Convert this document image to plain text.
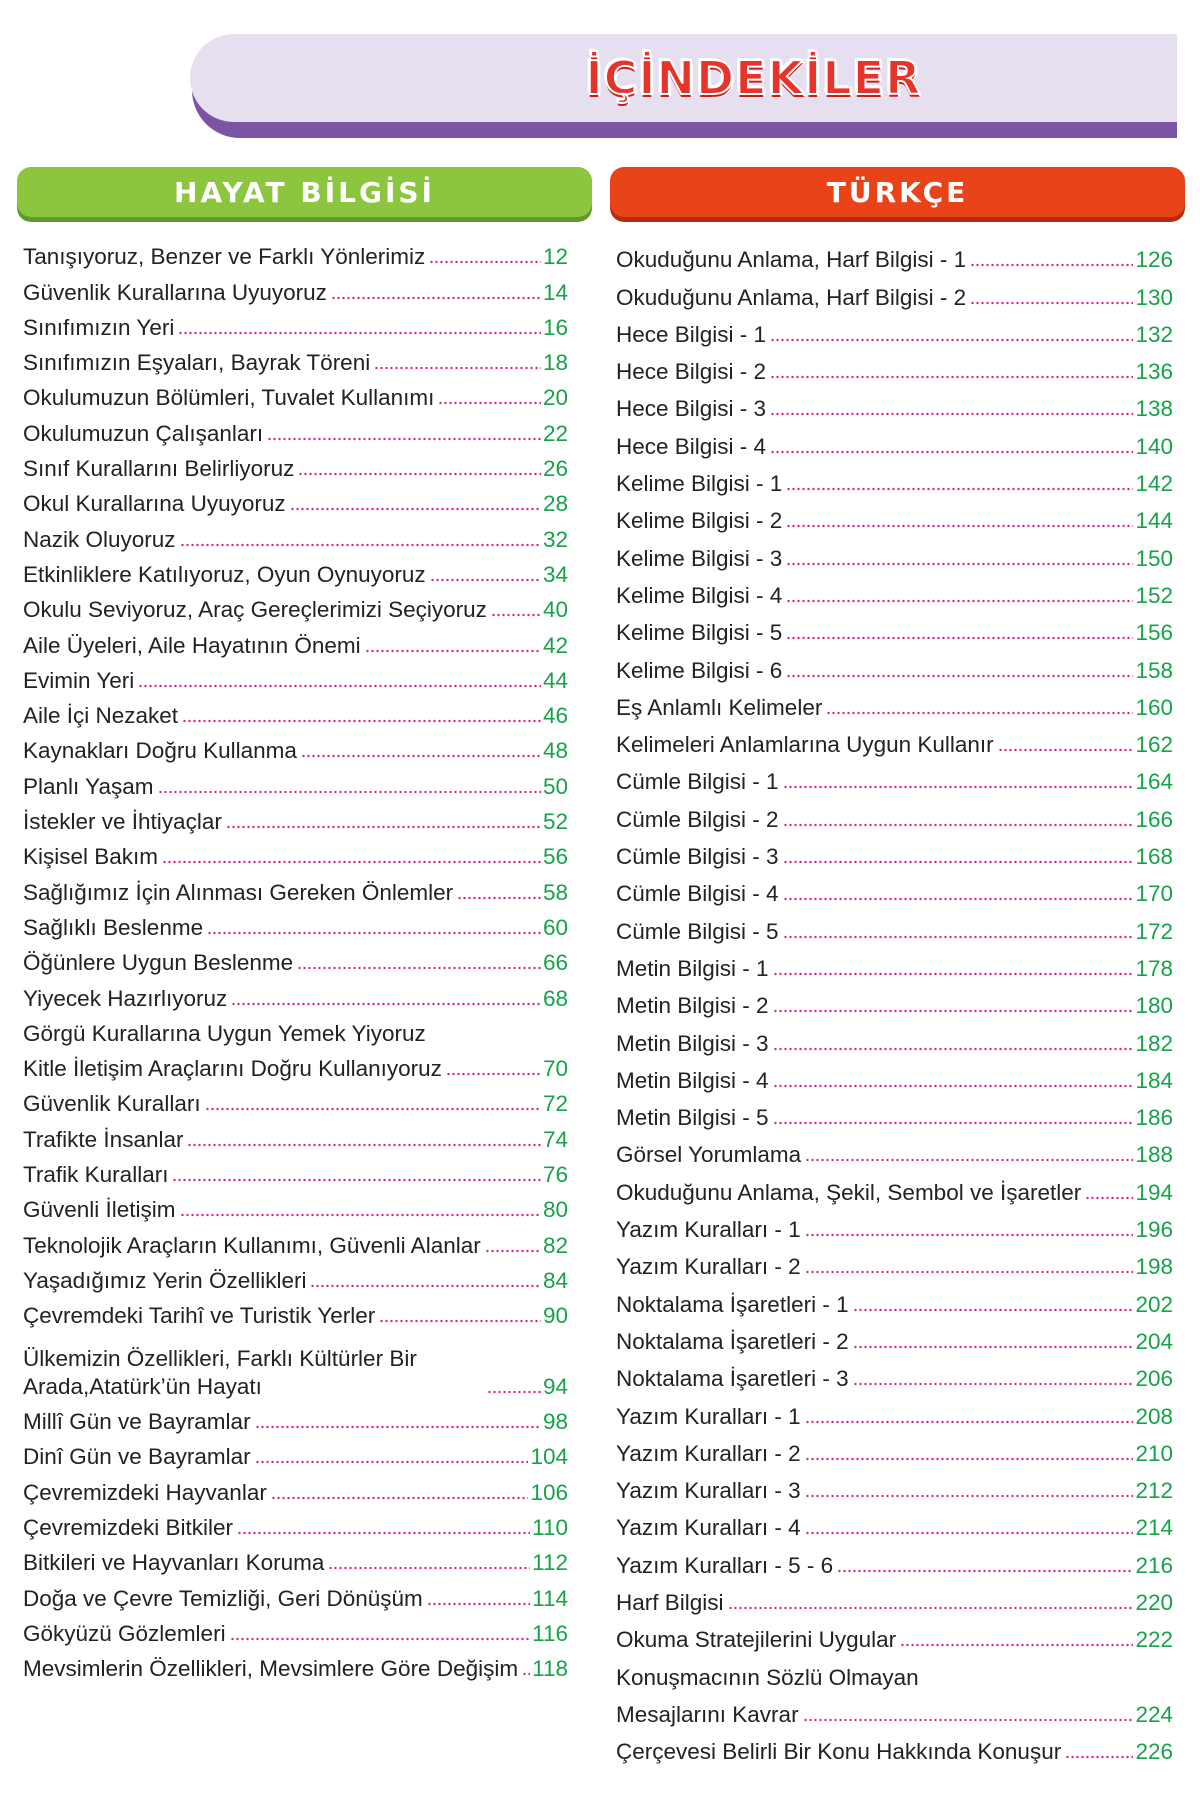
İÇİNDEKİLER
HAYAT BİLGİSİ	TÜRKÇE
Tanışıyoruz, Benzer ve Farklı Yönlerimiz	12
Güvenlik Kurallarına Uyuyoruz	14
Sınıfımızın Yeri	16
Sınıfımızın Eşyaları, Bayrak Töreni	18
Okulumuzun Bölümleri, Tuvalet Kullanımı	20
Okulumuzun Çalışanları	22
Sınıf Kurallarını Belirliyoruz	26
Okul Kurallarına Uyuyoruz	28
Nazik Oluyoruz	32
Etkinliklere Katılıyoruz, Oyun Oynuyoruz	34
Okulu Seviyoruz, Araç Gereçlerimizi Seçiyoruz 40
Aile Üyeleri, Aile Hayatının Önemi	42
Evimin Yeri	44
Aile İçi Nezaket	46
Kaynakları Doğru Kullanma	48
Planlı Yaşam	50
İstekler ve İhtiyaçlar	52
Kişisel Bakım	56
Sağlığımız İçin Alınması Gereken Önlemler	58
Sağlıklı Beslenme	60
Öğünlere Uygun Beslenme	66
Yiyecek Hazırlıyoruz	68
Görgü Kurallarına Uygun Yemek Yiyoruz
Kitle İletişim Araçlarını Doğru Kullanıyoruz	70
Güvenlik Kuralları	72
Trafikte İnsanlar	74
Trafik Kuralları	76
Güvenli İletişim	80
Teknolojik Araçların Kullanımı, Güvenli Alanlar	82
Yaşadığımız Yerin Özellikleri	84
Çevremdeki Tarihî ve Turistik Yerler	90
Ülkemizin Özellikleri, Farklı Kültürler Bir Arada,Atatürk’ün Hayatı	94
Millî Gün ve Bayramlar	98
Dinî Gün ve Bayramlar	104
Çevremizdeki Hayvanlar	106
Çevremizdeki Bitkiler	110
Bitkileri ve Hayvanları Koruma	112
Doğa ve Çevre Temizliği, Geri Dönüşüm	114
Gökyüzü Gözlemleri	116
Mevsimlerin Özellikleri, Mevsimlere Göre Değişim 118
Okuduğunu Anlama, Harf Bilgisi - 1	126
Okuduğunu Anlama, Harf Bilgisi - 2	130
Hece Bilgisi - 1	132
Hece Bilgisi - 2	136
Hece Bilgisi - 3	138
Hece Bilgisi - 4	140
Kelime Bilgisi - 1	142
Kelime Bilgisi - 2	144
Kelime Bilgisi - 3	150
Kelime Bilgisi - 4	152
Kelime Bilgisi - 5	156
Kelime Bilgisi - 6	158
Eş Anlamlı Kelimeler	160
Kelimeleri Anlamlarına Uygun Kullanır	162
Cümle Bilgisi - 1	164
Cümle Bilgisi - 2	166
Cümle Bilgisi - 3	168
Cümle Bilgisi - 4	170
Cümle Bilgisi - 5	172
Metin Bilgisi - 1	178
Metin Bilgisi - 2	180
Metin Bilgisi - 3	182
Metin Bilgisi - 4	184
Metin Bilgisi - 5	186
Görsel Yorumlama	188
Okuduğunu Anlama, Şekil, Sembol ve İşaretler 194
Yazım Kuralları - 1	196
Yazım Kuralları - 2	198
Noktalama İşaretleri - 1	202
Noktalama İşaretleri - 2	204
Noktalama İşaretleri - 3	206
Yazım Kuralları - 1	208
Yazım Kuralları - 2	210
Yazım Kuralları - 3	212
Yazım Kuralları - 4	214
Yazım Kuralları - 5 - 6	216
Harf Bilgisi	220
Okuma Stratejilerini Uygular	222
Konuşmacının Sözlü Olmayan
Mesajlarını Kavrar	224
Çerçevesi Belirli Bir Konu Hakkında Konuşur	226
